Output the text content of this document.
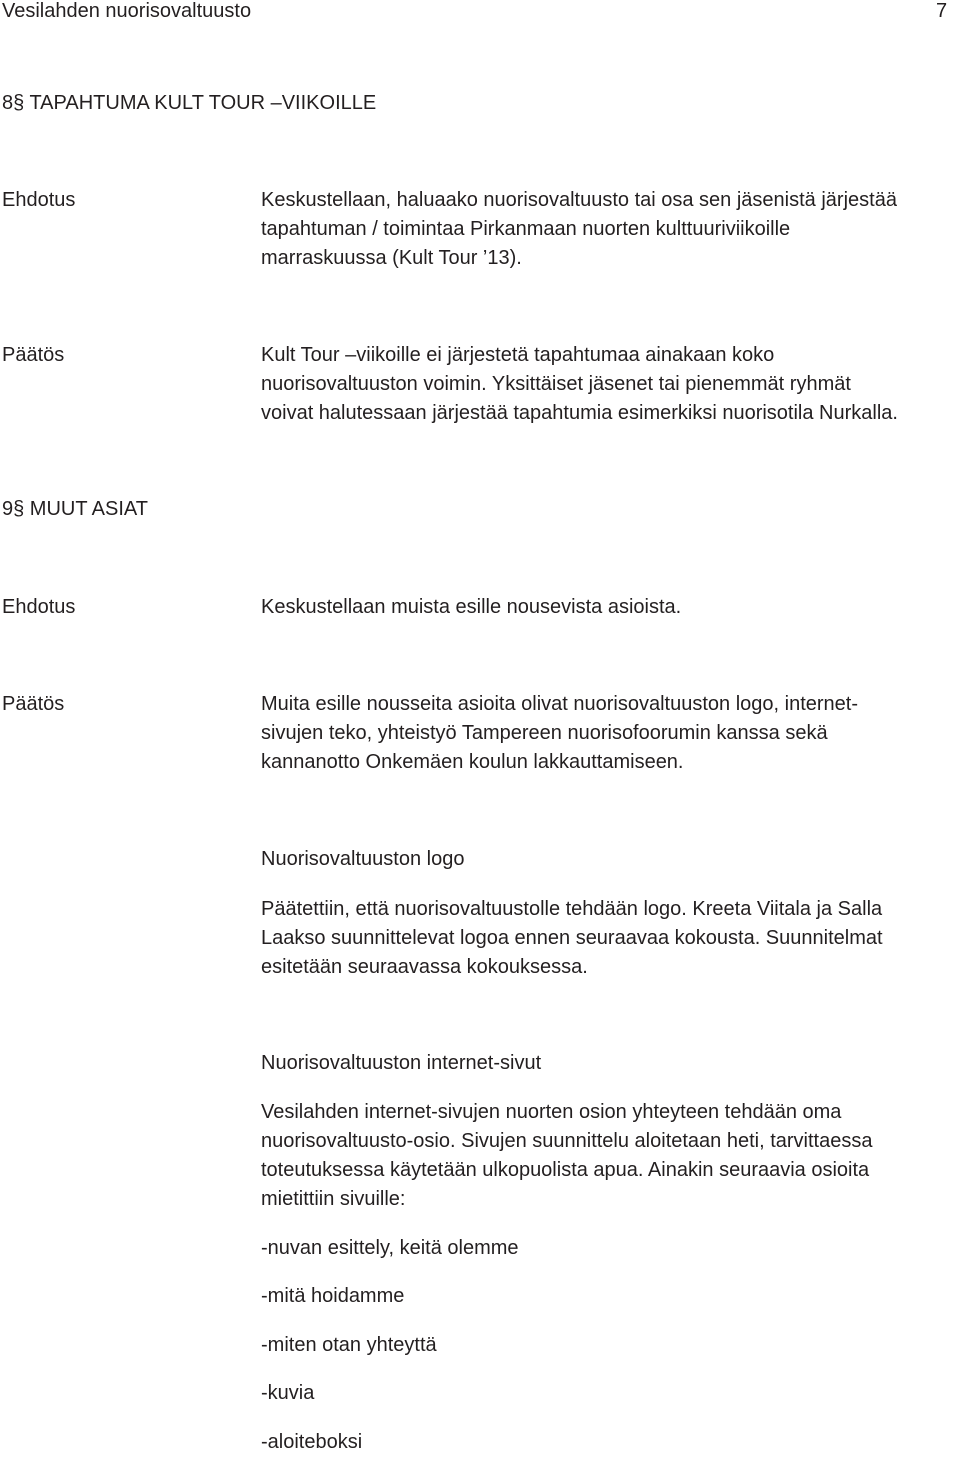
Vesilahden nuorisovaltuusto	7
8§ TAPAHTUMA KULT TOUR –VIIKOILLE
Ehdotus	Keskustellaan, haluaako nuorisovaltuusto tai osa sen jäsenistä järjestää
tapahtuman / toimintaa Pirkanmaan nuorten kulttuuriviikoille
marraskuussa (Kult Tour ’13).
Päätös	Kult Tour –viikoille ei järjestetä tapahtumaa ainakaan koko
nuorisovaltuuston voimin. Yksittäiset jäsenet tai pienemmät ryhmät
voivat halutessaan järjestää tapahtumia esimerkiksi nuorisotila Nurkalla.
9§ MUUT ASIAT
Ehdotus	Keskustellaan muista esille nousevista asioista.
Päätös	Muita esille nousseita asioita olivat nuorisovaltuuston logo, internet-
sivujen teko, yhteistyö Tampereen nuorisofoorumin kanssa sekä
kannanotto Onkemäen koulun lakkauttamiseen.
Nuorisovaltuuston logo
Päätettiin, että nuorisovaltuustolle tehdään logo. Kreeta Viitala ja Salla
Laakso suunnittelevat logoa ennen seuraavaa kokousta. Suunnitelmat
esitetään seuraavassa kokouksessa.
Nuorisovaltuuston internet-sivut
Vesilahden internet-sivujen nuorten osion yhteyteen tehdään oma
nuorisovaltuusto-osio. Sivujen suunnittelu aloitetaan heti, tarvittaessa
toteutuksessa käytetään ulkopuolista apua. Ainakin seuraavia osioita
mietittiin sivuille:
-nuvan esittely, keitä olemme
-mitä hoidamme
-miten otan yhteyttä
-kuvia
-aloiteboksi
